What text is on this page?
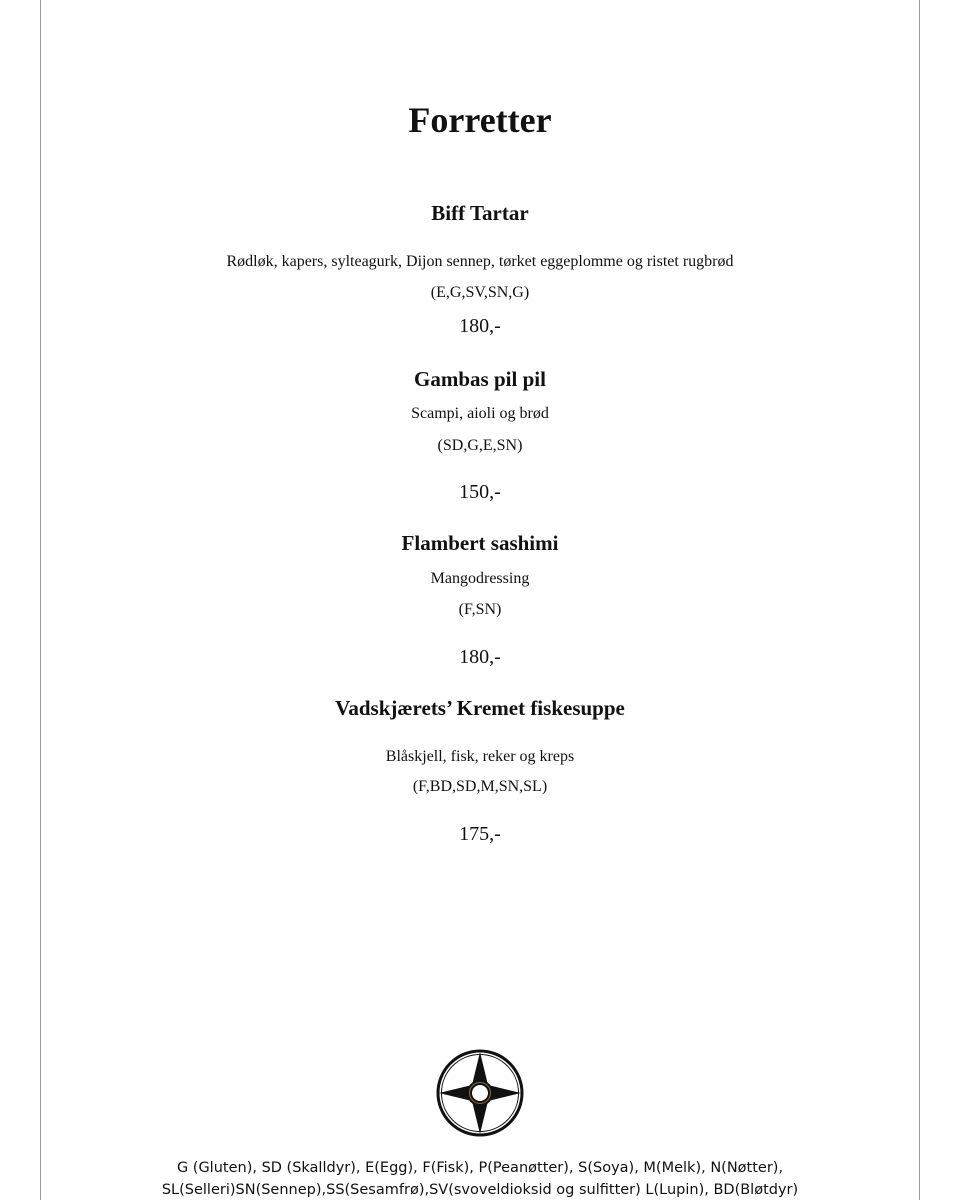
Forretter
Biff Tartar
Rødløk, kapers, sylteagurk, Dijon sennep, tørket eggeplomme og ristet rugbrød
(E,G,SV,SN,G)
180,-
Gambas pil pil
Scampi, aioli og brød
(SD,G,E,SN)
150,-
Flambert sashimi
Mangodressing
(F,SN)
180,-
Vadskjærets’ Kremet fiskesuppe
Blåskjell, fisk, reker og kreps
(F,BD,SD,M,SN,SL)
175,-
G (Gluten), SD (Skalldyr), E(Egg), F(Fisk), P(Peanøtter), S(Soya), M(Melk), N(Nøtter),
SL(Selleri)SN(Sennep),SS(Sesamfrø),SV(svoveldioksid og sulfitter) L(Lupin), BD(Bløtdyr)
